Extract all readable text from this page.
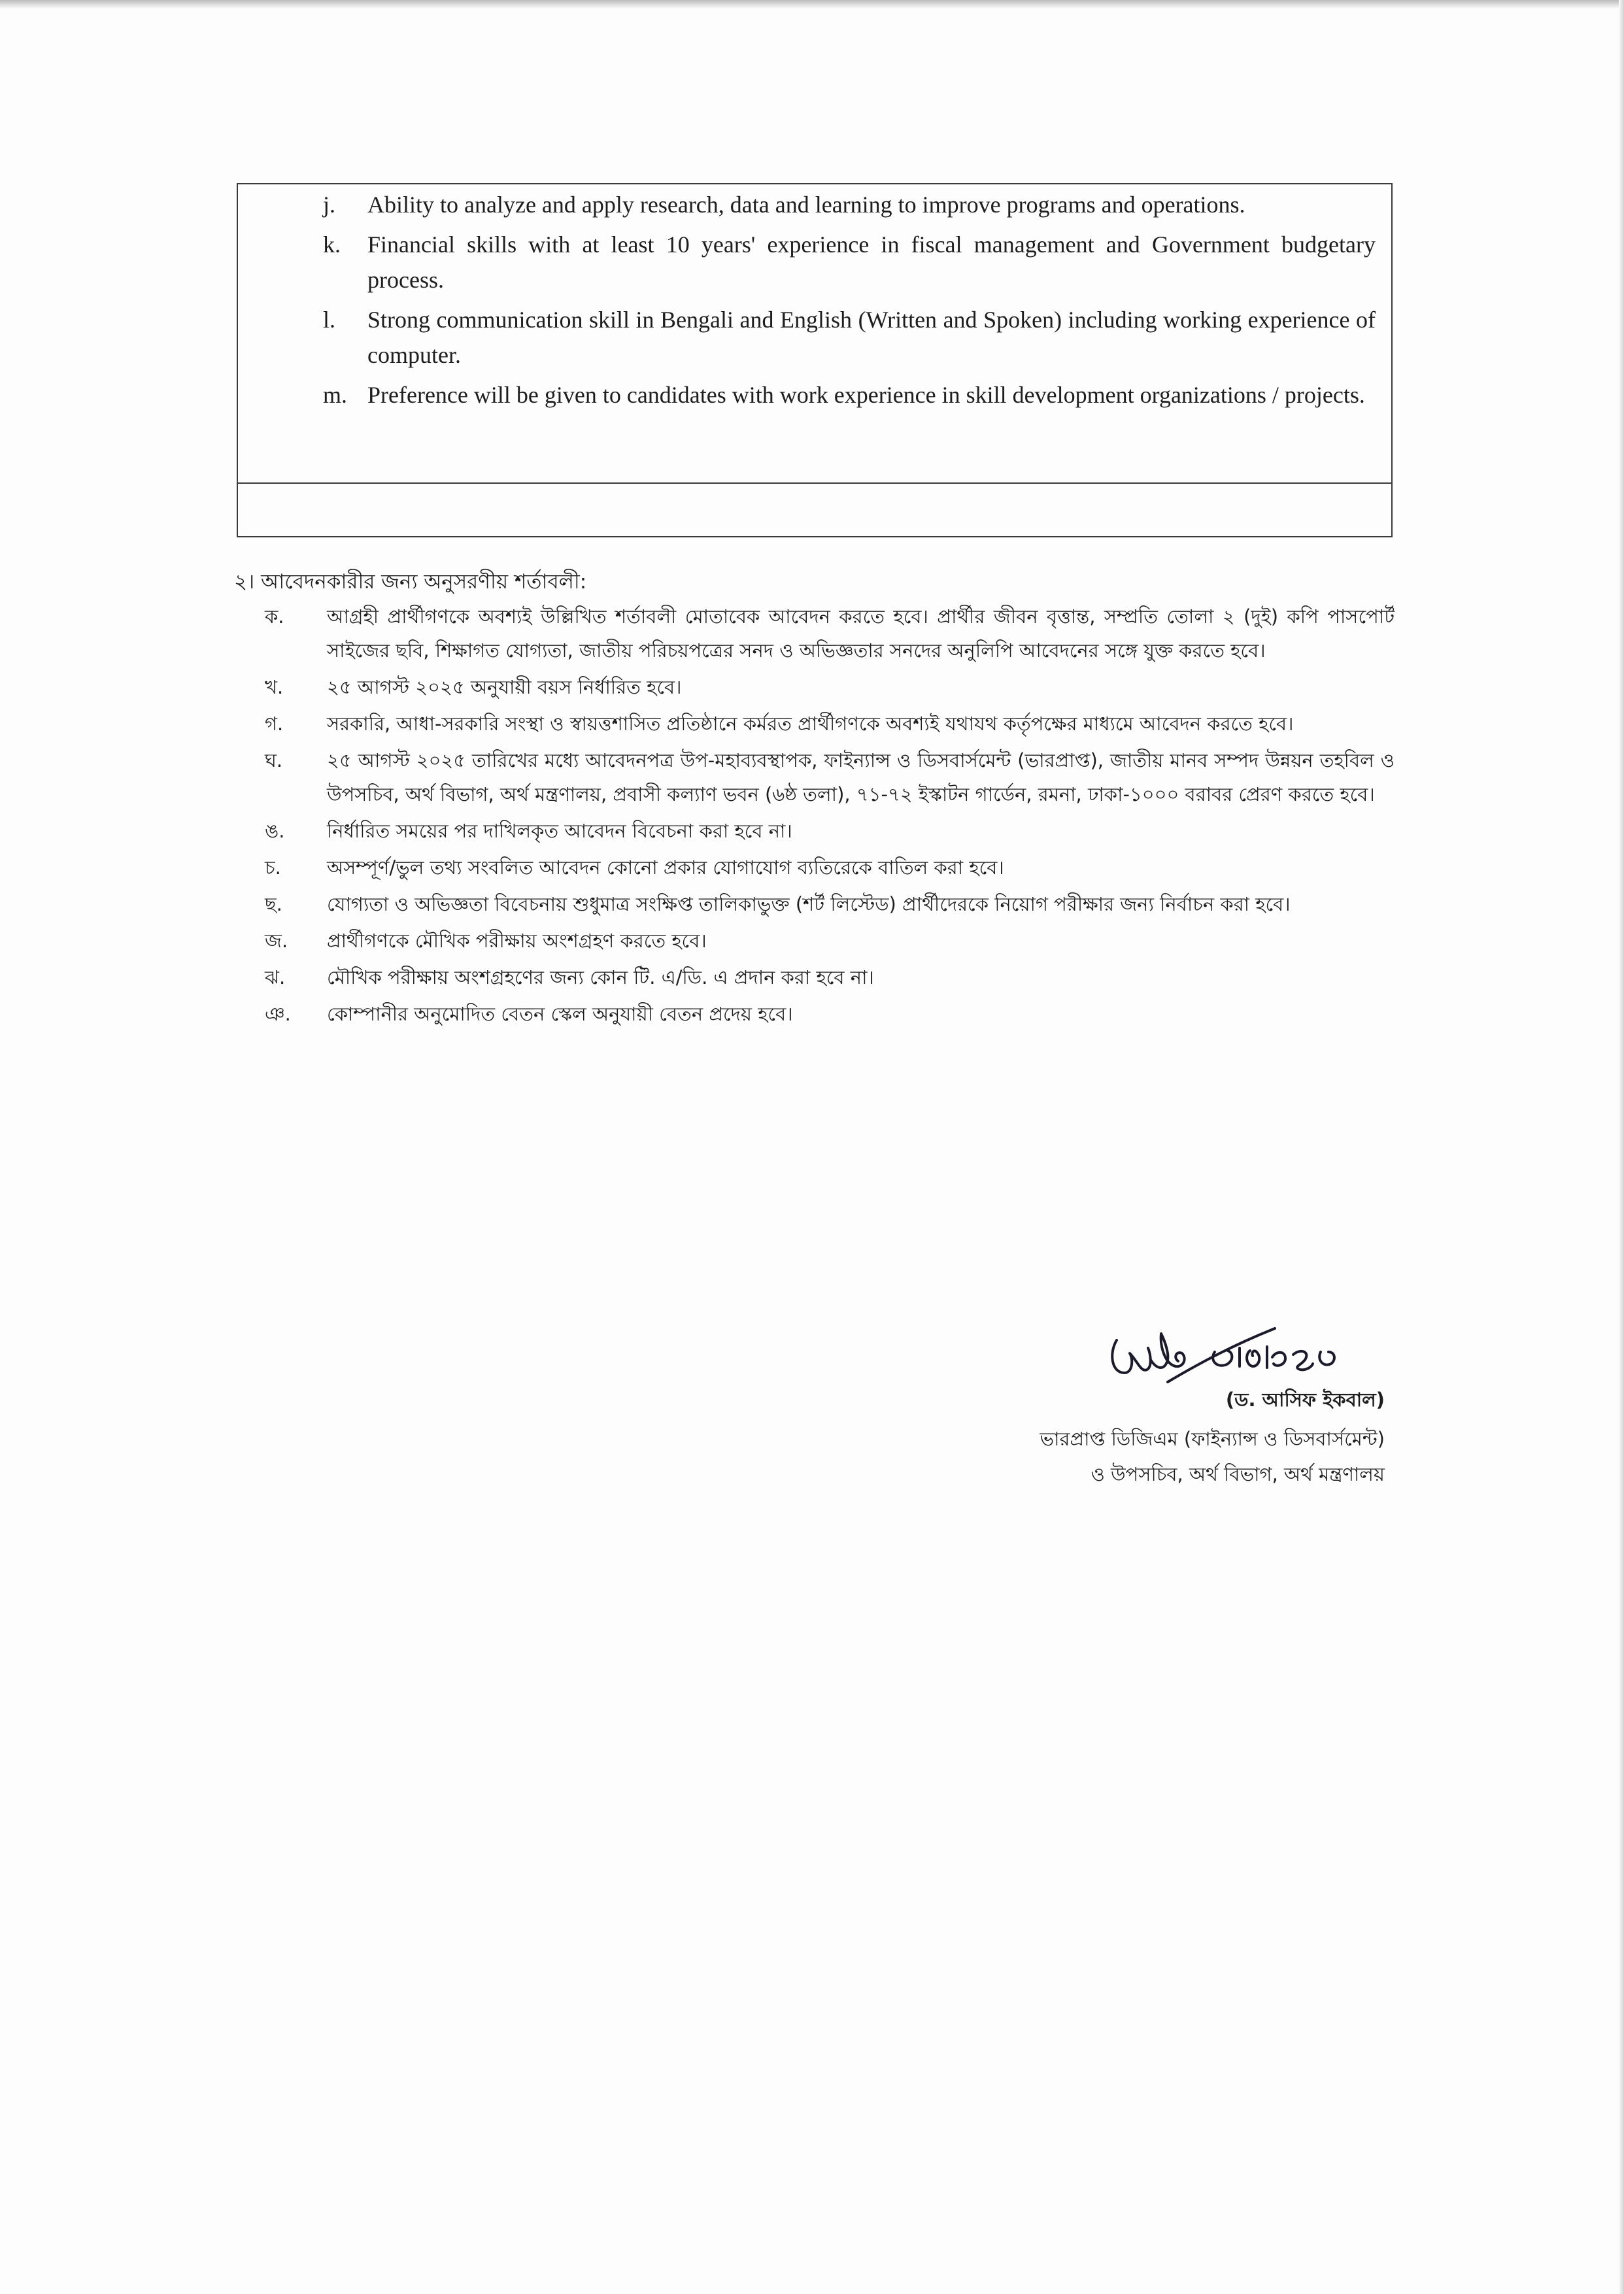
j.	Ability to analyze and apply research, data and learning to improve programs and operations.
k.	Financial skills with at least 10 years' experience in fiscal management and Government budgetary process.
l.	Strong communication skill in Bengali and English (Written and Spoken) including working experience of computer.
m. Preference will be given to candidates with work experience in skill development organizations / projects.
২। আবেদনকারীর জন্য অনুসরণীয় শর্তাবলী:
ক.	আগ্রহী প্রার্থীগণকে অবশ্যই উল্লিখিত শর্তাবলী মোতাবেক আবেদন করতে হবে। প্রার্থীর জীবন বৃত্তান্ত, সম্প্রতি তোলা ২ (দুই) কপি পাসপোর্ট সাইজের ছবি, শিক্ষাগত যোগ্যতা, জাতীয় পরিচয়পত্রের সনদ ও অভিজ্ঞতার সনদের অনুলিপি আবেদনের সঙ্গে যুক্ত করতে হবে।
খ.	২৫ আগস্ট ২০২৫ অনুযায়ী বয়স নির্ধারিত হবে।
গ.	সরকারি, আধা-সরকারি সংস্থা ও স্বায়ত্তশাসিত প্রতিষ্ঠানে কর্মরত প্রার্থীগণকে অবশ্যই যথাযথ কর্তৃপক্ষের মাধ্যমে আবেদন করতে হবে।
ঘ.	২৫ আগস্ট ২০২৫ তারিখের মধ্যে আবেদনপত্র উপ-মহাব্যবস্থাপক, ফাইন্যান্স ও ডিসবার্সমেন্ট (ভারপ্রাপ্ত), জাতীয় মানব সম্পদ উন্নয়ন তহবিল ও উপসচিব, অর্থ বিভাগ, অর্থ মন্ত্রণালয়, প্রবাসী কল্যাণ ভবন (৬ষ্ঠ তলা), ৭১-৭২ ইস্কাটন গার্ডেন, রমনা, ঢাকা-১০০০ বরাবর প্রেরণ করতে হবে।
ঙ.	নির্ধারিত সময়ের পর দাখিলকৃত আবেদন বিবেচনা করা হবে না।
চ.	অসম্পূর্ণ/ভুল তথ্য সংবলিত আবেদন কোনো প্রকার যোগাযোগ ব্যতিরেকে বাতিল করা হবে।
ছ.	যোগ্যতা ও অভিজ্ঞতা বিবেচনায় শুধুমাত্র সংক্ষিপ্ত তালিকাভুক্ত (শর্ট লিস্টেড) প্রার্থীদেরকে নিয়োগ পরীক্ষার জন্য নির্বাচন করা হবে।
জ.	প্রার্থীগণকে মৌখিক পরীক্ষায় অংশগ্রহণ করতে হবে।
ঝ.	মৌখিক পরীক্ষায় অংশগ্রহণের জন্য কোন টি. এ/ডি. এ প্রদান করা হবে না।
ঞ.	কোম্পানীর অনুমোদিত বেতন স্কেল অনুযায়ী বেতন প্রদেয় হবে।
(ড. আসিফ ইকবাল)
ভারপ্রাপ্ত ডিজিএম (ফাইন্যান্স ও ডিসবার্সমেন্ট)
ও উপসচিব, অর্থ বিভাগ, অর্থ মন্ত্রণালয়
